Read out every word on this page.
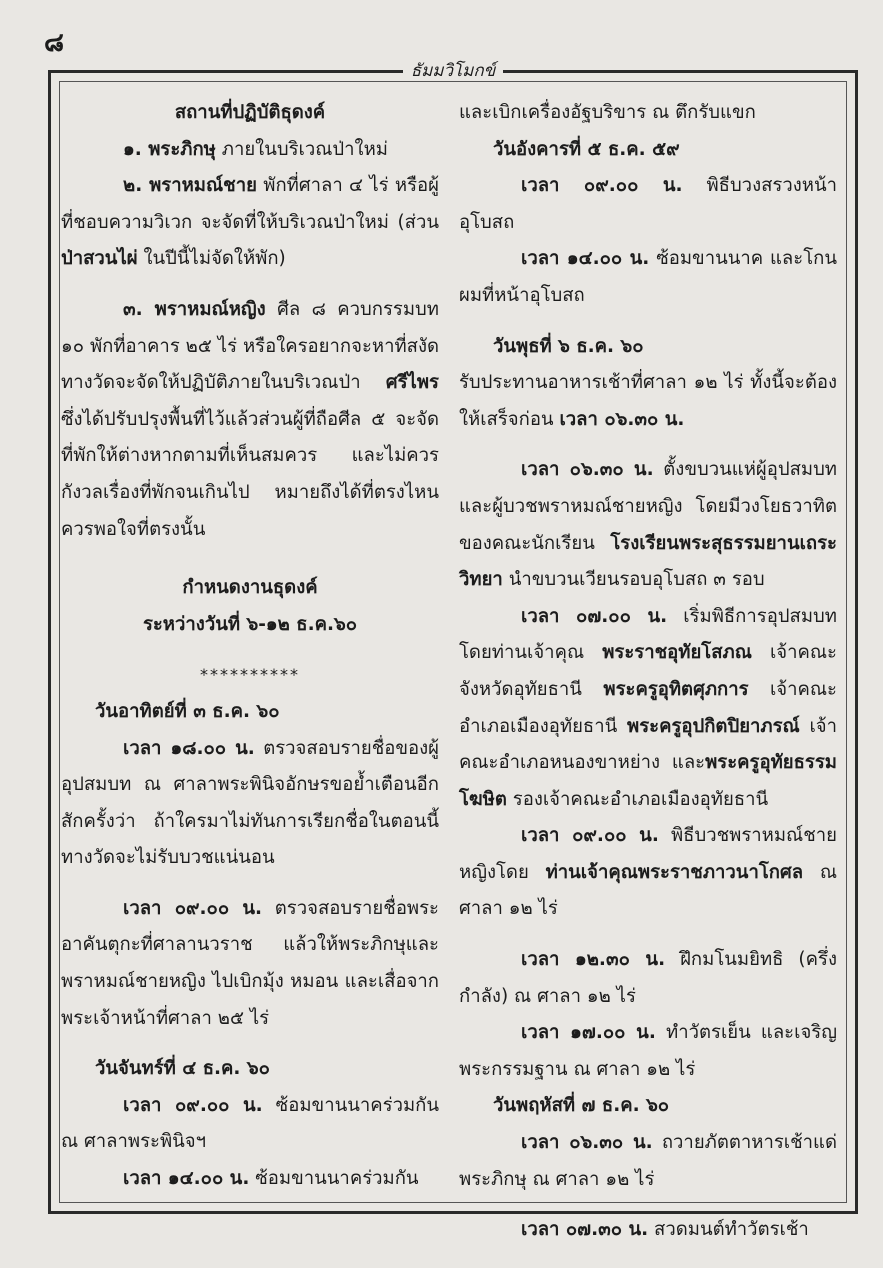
๘
ธัมมวิโมกข์

สถานที่ปฏิบัติธุดงค์

๑. พระภิกษุ ภายในบริเวณป่าใหม่

๒. พราหมณ์ชาย พักที่ศาลา ๔ ไร่ หรือผู้ที่ชอบความวิเวก จะจัดที่ให้บริเวณป่าใหม่ (ส่วน ป่าสวนไผ่ ในปีนี้ไม่จัดให้พัก)

๓. พราหมณ์หญิง ศีล ๘ ควบกรรมบท ๑๐ พักที่อาคาร ๒๕ ไร่ หรือใครอยากจะหาที่สงัดทางวัดจะจัดให้ปฏิบัติภายในบริเวณป่า ศรีไพร ซึ่งได้ปรับปรุงพื้นที่ไว้แล้วส่วนผู้ที่ถือศีล ๕ จะจัดที่พักให้ต่างหากตามที่เห็นสมควร และไม่ควรกังวลเรื่องที่พักจนเกินไป หมายถึงได้ที่ตรงไหนควรพอใจที่ตรงนั้น

กำหนดงานธุดงค์

ระหว่างวันที่ ๖-๑๒ ธ.ค.๖๐

**********

วันอาทิตย์ที่ ๓ ธ.ค. ๖๐

เวลา ๑๘.๐๐ น. ตรวจสอบรายชื่อของผู้อุปสมบท ณ ศาลาพระพินิจอักษรขอย้ำเตือนอีกสักครั้งว่า ถ้าใครมาไม่ทันการเรียกชื่อในตอนนี้ทางวัดจะไม่รับบวชแน่นอน

เวลา ๐๙.๐๐ น. ตรวจสอบรายชื่อพระอาคันตุกะที่ศาลานวราช แล้วให้พระภิกษุและพราหมณ์ชายหญิง ไปเบิกมุ้ง หมอน และเสื่อจากพระเจ้าหน้าที่ศาลา ๒๕ ไร่

วันจันทร์ที่ ๔ ธ.ค. ๖๐

เวลา ๐๙.๐๐ น. ซ้อมขานนาคร่วมกัน ณ ศาลาพระพินิจฯ

เวลา ๑๔.๐๐ น. ซ้อมขานนาคร่วมกัน

และเบิกเครื่องอัฐบริขาร ณ ตึกรับแขก

วันอังคารที่ ๕ ธ.ค. ๕๙

เวลา ๐๙.๐๐ น. พิธีบวงสรวงหน้าอุโบสถ

เวลา ๑๔.๐๐ น. ซ้อมขานนาค และโกนผมที่หน้าอุโบสถ

วันพุธที่ ๖ ธ.ค. ๖๐

รับประทานอาหารเช้าที่ศาลา ๑๒ ไร่ ทั้งนี้จะต้องให้เสร็จก่อน เวลา ๐๖.๓๐ น.

เวลา ๐๖.๓๐ น. ตั้งขบวนแห่ผู้อุปสมบทและผู้บวชพราหมณ์ชายหญิง โดยมีวงโยธวาทิตของคณะนักเรียน โรงเรียนพระสุธรรมยานเถระวิทยา นำขบวนเวียนรอบอุโบสถ ๓ รอบ

เวลา ๐๗.๐๐ น. เริ่มพิธีการอุปสมบทโดยท่านเจ้าคุณ พระราชอุทัยโสภณ เจ้าคณะจังหวัดอุทัยธานี พระครูอุทิตศุภการ เจ้าคณะอำเภอเมืองอุทัยธานี พระครูอุปกิตปิยาภรณ์ เจ้าคณะอำเภอหนองขาหย่าง และพระครูอุทัยธรรมโฆษิต รองเจ้าคณะอำเภอเมืองอุทัยธานี

เวลา ๐๙.๐๐ น. พิธีบวชพราหมณ์ชายหญิงโดย ท่านเจ้าคุณพระราชภาวนาโกศล ณ ศาลา ๑๒ ไร่

เวลา ๑๒.๓๐ น. ฝึกมโนมยิทธิ (ครึ่งกำลัง) ณ ศาลา ๑๒ ไร่

เวลา ๑๗.๐๐ น. ทำวัตรเย็น และเจริญพระกรรมฐาน ณ ศาลา ๑๒ ไร่

วันพฤหัสที่ ๗ ธ.ค. ๖๐

เวลา ๐๖.๓๐ น. ถวายภัตตาหารเช้าแด่พระภิกษุ ณ ศาลา ๑๒ ไร่

เวลา ๐๗.๓๐ น. สวดมนต์ทำวัตรเช้า
